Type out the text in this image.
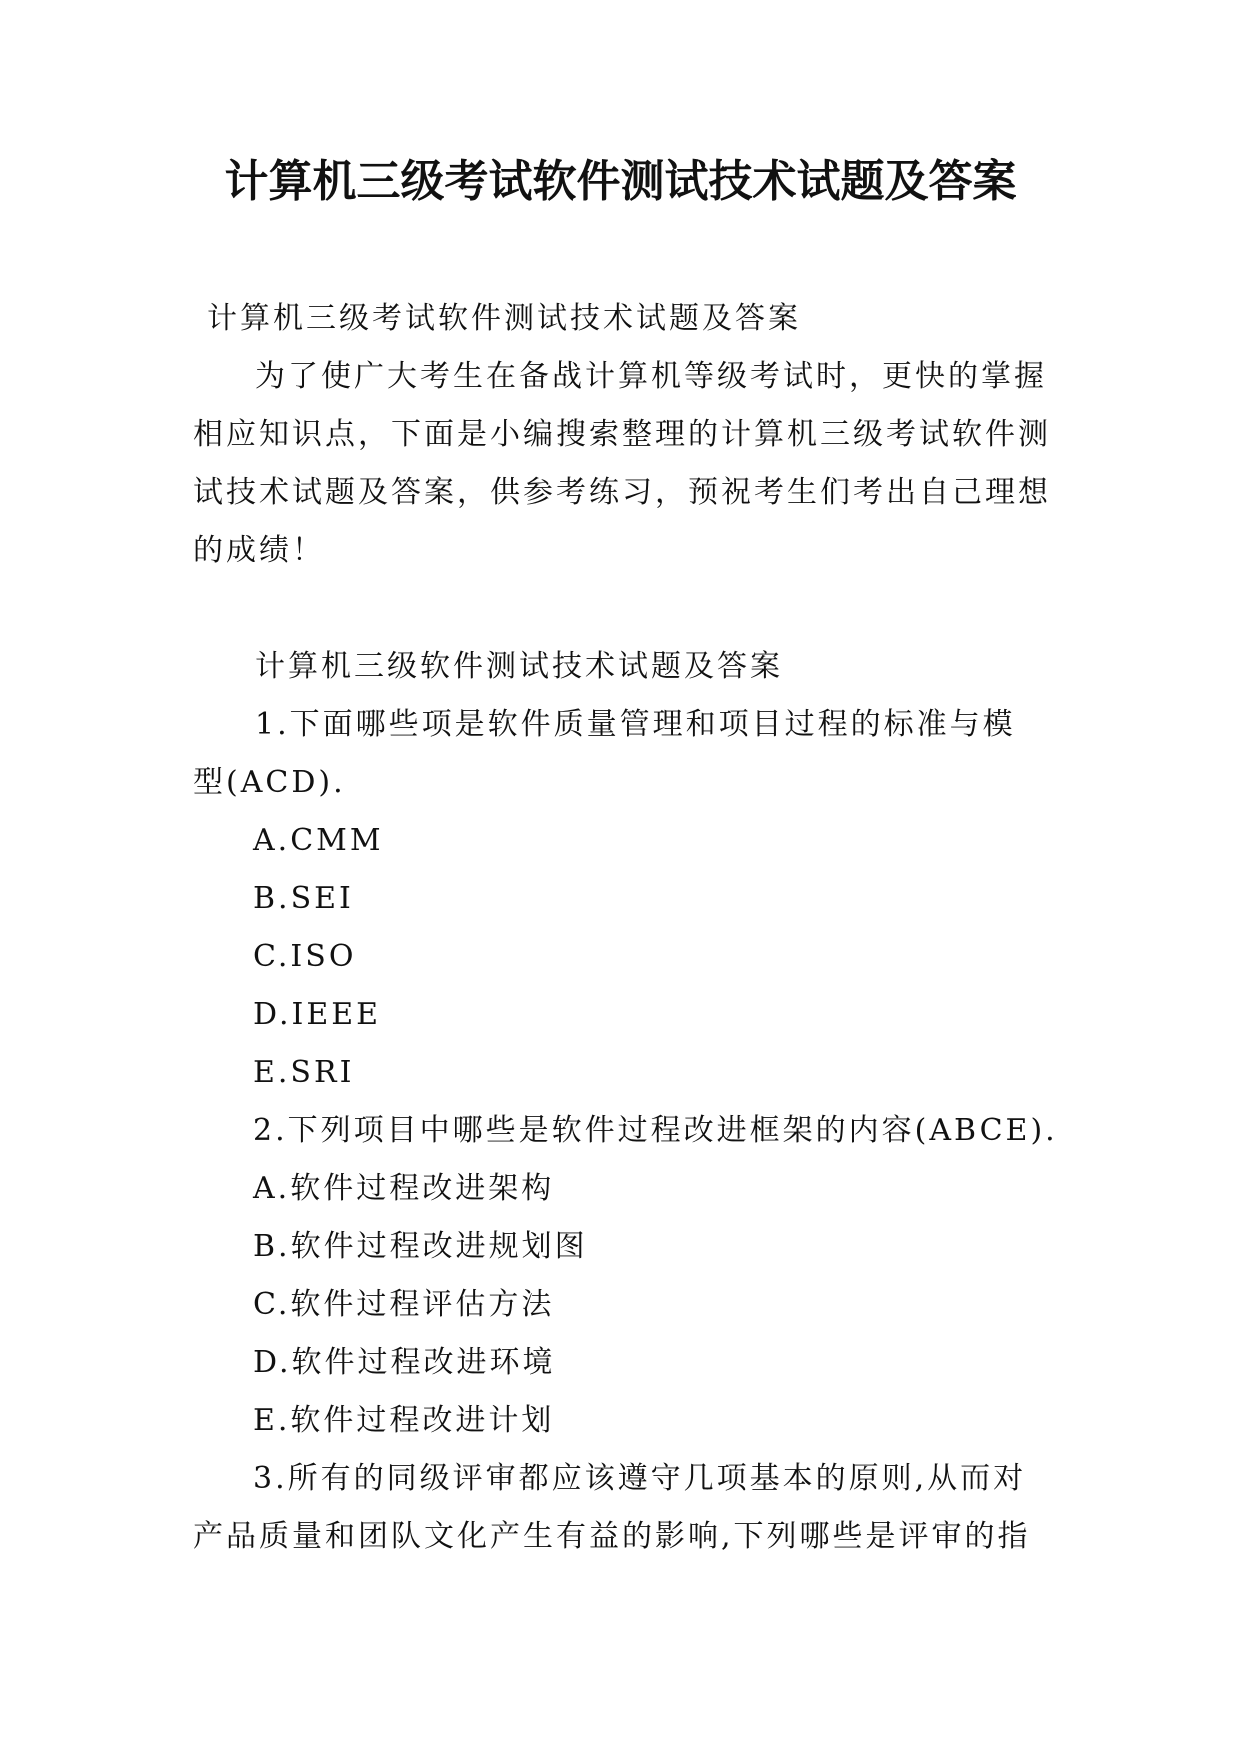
计算机三级考试软件测试技术试题及答案
计算机三级考试软件测试技术试题及答案
为了使广大考生在备战计算机等级考试时，更快的掌握
相应知识点，下面是小编搜索整理的计算机三级考试软件测
试技术试题及答案，供参考练习，预祝考生们考出自己理想
的成绩！
计算机三级软件测试技术试题及答案
1.下面哪些项是软件质量管理和项目过程的标准与模
型(ACD).
A.CMM
B.SEI
C.ISO
D.IEEE
E.SRI
2.下列项目中哪些是软件过程改进框架的内容(ABCE).
A.软件过程改进架构
B.软件过程改进规划图
C.软件过程评估方法
D.软件过程改进环境
E.软件过程改进计划
3.所有的同级评审都应该遵守几项基本的原则,从而对
产品质量和团队文化产生有益的影响,下列哪些是评审的指
